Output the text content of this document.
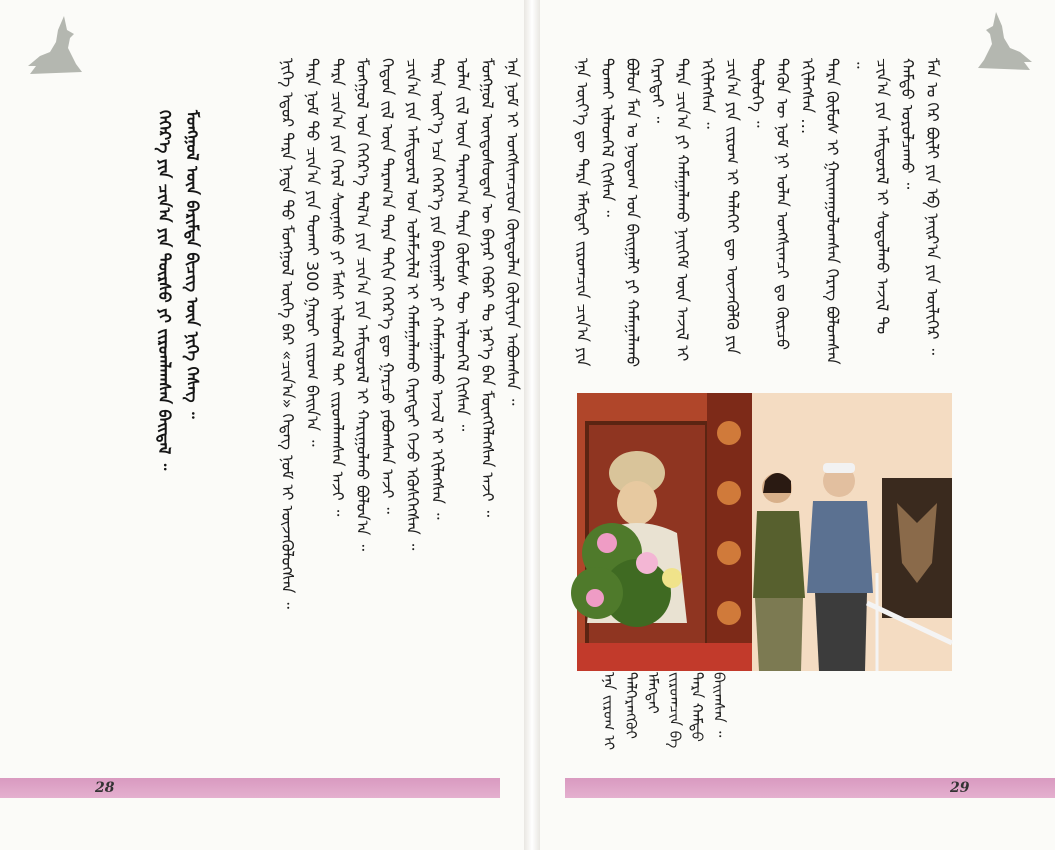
ᠨᠢᠭᠡ ᠡᠳᠦᠷ ᠲᠡᠷᠡ ᠨᠠᠳᠠ ᠲᠤ᠌ ᠮᠤᠩᠭᠤᠯ ᠦᠭᠡ ᠪᠡᠷ «ᠴᠢᠨ᠎ᠠ» ᠭᠡᠳᠡᠭ ᠨᠣᠮ ᠢ ᠦᠵᠡᠭᠦᠯᠦᠭᠰᠡᠨ ᠃ ᠲᠡᠷᠡ ᠨᠣᠮ ᠲᠤ᠌ ᠴᠢᠨ᠎ᠠ ᠶᠢᠨ ᠲᠤᠬᠠᠢ 300 ᠭᠠᠷᠤᠢ ᠵᠢᠷᠤᠭ ᠪᠠᠢᠨ᠎ᠠ ᠃ ᠲᠡᠷᠡ ᠴᠢᠨ᠎ᠠ ᠶᠢᠨ ᠭᠡᠷᠡᠯ ᠰᠦᠨᠡᠰᠦ ᠶᠢ ᠮᠠᠰᠢ ᠢᠯᠡᠳᠬᠡᠯ ᠲᠡᠢ ᠵᠢᠷᠤᠭᠯᠠᠭᠰᠠᠨ ᠠᠵᠢ ᠃ ᠮᠤᠩᠭᠤᠯ ᠤᠨ ᠬᠡᠭᠡᠷ᠎ᠡ ᠲᠠᠯ᠎ᠠ ᠶᠢᠨ ᠴᠢᠨ᠎ᠠ ᠶᠢᠨ ᠠᠮᠢᠳᠤᠷᠠᠯ ᠢ ᠬᠠᠷᠢᠭᠤᠯᠬᠤ ᠪᠣᠯᠤᠨ᠎ᠠ ᠃ ᠬᠡᠳᠦᠨ ᠵᠢᠯ ᠦᠨ ᠳᠠᠷᠠᠭ᠎ᠠ ᠲᠡᠷᠡ ᠳᠠᠬᠢᠨ ᠬᠡᠭᠡᠷ᠎ᠡ ᠳᠦ ᠭᠠᠷᠴᠤ ᠶᠠᠪᠤᠭᠰᠠᠨ ᠠᠵᠢ ᠃ ᠴᠢᠨ᠎ᠠ ᠶᠢᠨ ᠠᠮᠢᠳᠤᠷᠠᠯ ᠤᠨ ᠤᠯᠠᠮᠵᠢᠯᠠᠯ ᠢ ᠬᠠᠮᠠᠭᠠᠯᠠᠬᠤ ᠬᠡᠷᠡᠭᠲᠡᠢ ᠭᠡᠵᠦ ᠡᠭᠦᠰᠭᠡᠭᠰᠡᠨ ᠃ ᠲᠡᠷᠡ ᠦᠶ᠎ᠡ ᠡᠴᠡ ᠬᠡᠭᠡᠷ᠎ᠡ ᠶᠢᠨ ᠪᠠᠶᠢᠭᠠᠯᠢ ᠶᠢ ᠬᠠᠮᠠᠭᠠᠯᠠᠬᠤ ᠠᠵᠢᠯ ᠢ ᠡᠬᠢᠯᠡᠭᠰᠡᠨ ᠃ ᠣᠯᠠᠨ ᠵᠢᠯ ᠦᠨ ᠳᠠᠷᠠᠭ᠎ᠠ ᠲᠡᠷᠡ ᠬᠦᠮᠦᠰ ᠲᠦ ᠢᠯᠡᠳᠬᠡᠯ ᠬᠢᠭᠰᠡᠨ ᠃ ᠮᠣᠩᠭᠣᠯ ᠦᠨᠳᠦᠰᠦᠲᠡᠨ ᠦ ᠪᠠᠶᠠᠷ ᠬᠡᠪᠡᠷ ᠲᠤ ᠨᠡᠷ᠎ᠡ ᠪᠡᠨ ᠮᠥᠩᠬᠡᠯᠡᠭᠰᠡᠨ ᠠᠵᠢ ᠃ ᠡᠨᠡ ᠨᠣᠮ ᠢ ᠤᠩᠰᠢᠭᠴᠢᠳ ᠬᠦᠨᠳᠦᠯᠡᠨ ᠬᠦᠯᠢᠶᠡᠨ ᠠᠪᠤᠭᠰᠠᠨ ᠃
ᠬᠡᠭᠡᠷ᠎ᠡ ᠶᠢᠨ ᠴᠢᠨ᠎ᠠ ᠶᠢᠨ ᠳᠦᠷᠰᠦ ᠶᠢ ᠵᠢᠷᠤᠭᠯᠠᠭᠰᠠᠨ ᠪᠠᠢᠳᠠᠯ ᠃ ᠮᠣᠩᠭᠣᠯ ᠦᠨ ᠪᠠᠷᠢᠮᠲᠠ ᠪᠢᠴᠢᠭ ᠦᠨ ᠨᠢᠭᠡ ᠬᠡᠰᠡᠭ ᠃
28
ᠡᠨᠡ ᠦᠶ᠎ᠡ ᠳᠦ ᠲᠡᠷᠡ ᠡᠮᠡᠭᠳᠡᠢ ᠵᠢᠷᠤᠭᠴᠢᠨ ᠴᠢᠨ᠎ᠠ ᠶᠢᠨ ᠲᠤᠬᠠᠢ ᠢᠯᠡᠳᠬᠡᠯ ᠬᠢᠭᠰᠡᠨ ᠃ ᠪᠣᠯᠤᠨ ᠮᠠᠨ ᠤ ᠨᠤᠲᠤᠭ ᠤᠨ ᠪᠠᠢᠭᠠᠯᠢ ᠶᠢ ᠬᠠᠮᠠᠭᠠᠯᠠᠬᠤ ᠬᠡᠷᠡᠭᠲᠡᠢ ᠃ ᠲᠡᠷᠡ ᠴᠢᠨ᠎ᠠ ᠶᠢ ᠬᠠᠮᠠᠭᠠᠯᠠᠬᠤ ᠨᠡᠢᠭᠡᠮ ᠦᠨ ᠠᠵᠢᠯ ᠢ ᠡᠬᠢᠯᠡᠭᠰᠡᠨ ᠃ ᠴᠢᠨ᠎ᠠ ᠶᠢᠨ ᠵᠢᠷᠤᠭ ᠢ ᠳᠡᠯᠡᠭᠡᠢ ᠳᠦ ᠦᠵᠡᠭᠦᠯᠬᠦ ᠶᠢᠨ ᠲᠥᠯᠦᠭᠡ ᠃ ᠲᠡᠭᠦᠨ ᠦ ᠨᠣᠮ ᠨᠢ ᠣᠯᠠᠨ ᠤᠩᠰᠢᠭᠴᠢ ᠳᠤ ᠬᠦᠷᠴᠦ ᠡᠬᠢᠯᠡᠭᠰᠡᠨ … ᠲᠡᠷᠡ ᠬᠦᠮᠦᠰ ᠢ ᠭᠠᠢᠬᠠᠭᠤᠯᠤᠭᠰᠠᠨ ᠬᠡᠷᠡᠭ ᠪᠣᠯᠤᠭᠰᠠᠨ ᠃ ᠴᠢᠨ᠎ᠠ ᠶᠢᠨ ᠠᠮᠢᠳᠤᠷᠠᠯ ᠢ ᠰᠤᠳᠤᠯᠬᠤ ᠠᠵᠢᠯ ᠲᠤ ᠬᠠᠮᠲᠤ ᠣᠷᠤᠯᠴᠠᠬᠤ ᠃ ᠮᠠᠨ ᠤ ᠭᠡᠷ ᠪᠥᠯᠢ ᠶᠢᠨ ᠡᠪ ᠨᠠᠢᠷ᠎ᠠ ᠶᠢᠨ ᠦᠯᠢᠭᠡᠷ ᠃
ᠡᠨᠡ ᠵᠢᠷᠤᠭ ᠢ ᠳᠡᠯᠭᠡᠷᠡᠩᠭᠦᠢ ᠡᠮᠡᠭᠳᠡᠢ ᠵᠢᠷᠤᠭᠴᠢᠨ ᠪᠠ ᠲᠡᠷᠡ ᠬᠠᠮᠲᠤ ᠪᠠᠢᠭᠰᠠᠨ ᠃
29
